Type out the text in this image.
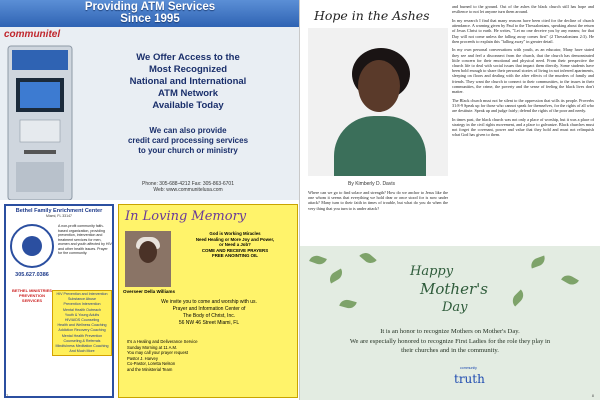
Providing ATM Services
Since 1995
communitel
We Offer Access to the
Most Recognized
National and International
ATM Network
Available Today
We can also provide
credit card processing services
to your church or ministry
Phone: 305-688-4212 Fax: 305-863-6701
Web: www.communitelusa.com
Bethel Family Enrichment Center
Miami, FL 33147
A non-profit community faith-based organization, providing prevention, intervention and treatment services for men, women and youth affected by HIV and other health issues. Prayer for the community.
305.627.0386
BETHEL MINISTRIES PREVENTION SERVICES
HIV Prevention and Intervention
Substance Abuse
Prevention Intervention
Mental Health Outreach
Youth & Young Adults
HIV/AIDS Counseling
Health and Wellness Coaching
Addiction Recovery Coaching
Mental Health Prevention
Counseling & Referrals
Mindfulness Meditation Coaching
And Much More
In Loving Memory
Overseer Della Williams
God is Working Miracles
Need Healing or More Joy and Power,
or Need a Job?
COME AND RECEIVE PRAYERS
FREE ANOINTING OIL
We invite you to come and worship with us.
Prayer and Information Center of
The Body of Christ, Inc.
56 NW 46 Street Miami, FL
It's a Healing and Deliverance Service
Sunday Morning at 11 A.M.
You may call your prayer request
Pastor J. Harvey
Co-Pastor, Loretta Nelson
and the Ministerial Team
7
Hope in the Ashes
By Kimberly D. Davis
Where can we go to find solace and strength? How do we anchor to Jesus like the one whom it seems that everything we hold dear or once stood for is now under attack? Many turn to their faith in times of trouble, but what do you do when the very thing that you turn to is under attack?

and burned to the ground. Out of the ashes the black church still has hope and resilience to not let anyone turn them around.

In my research I find that many reasons have been cited for the decline of church attendance. A warning given by Paul to the Thessalonians, speaking about the return of Jesus Christ to earth. He writes, "Let no one deceive you by any means; for that Day will not come unless the falling away comes first" (2 Thessalonians 2:3). He then proceeds to explain this "falling away" in greater detail.

In my own personal conversations with youth, as an educator, Many have stated they see and feel a disconnect from the church, that the church has demonstrated little concern for their emotional and physical need. From their perspective the church life to deal with social issues that impact them directly. Some students have been bold enough to share their personal stories of living in not inferred apartments, sleeping on floors and dealing with the after effects of the murders of family and friends. They want the church to connect to their communities, to the issues in their communities, the crime, the poverty and the sense of feeling the black lives don't matter.

The Black church must not be silent to the oppression that wills its people. Proverbs 31:8-9 Speak up for those who cannot speak for themselves, for the rights of all who are destitute. Speak up and judge fairly; defend the rights of the poor and needy.

In times past, the black church was not only a place of worship, but it was a place of strategy in the civil rights movement, and a place to galvanize. Black churches must not forget the covenant, power and value that they hold and must not relinquish what God has given to them.

Happy
Mother's
Day
It is an honor to recognize Mothers on Mother's Day.
We are especially honored to recognize First Ladies for the role they play in
their churches and in the community.
community
truth
8
